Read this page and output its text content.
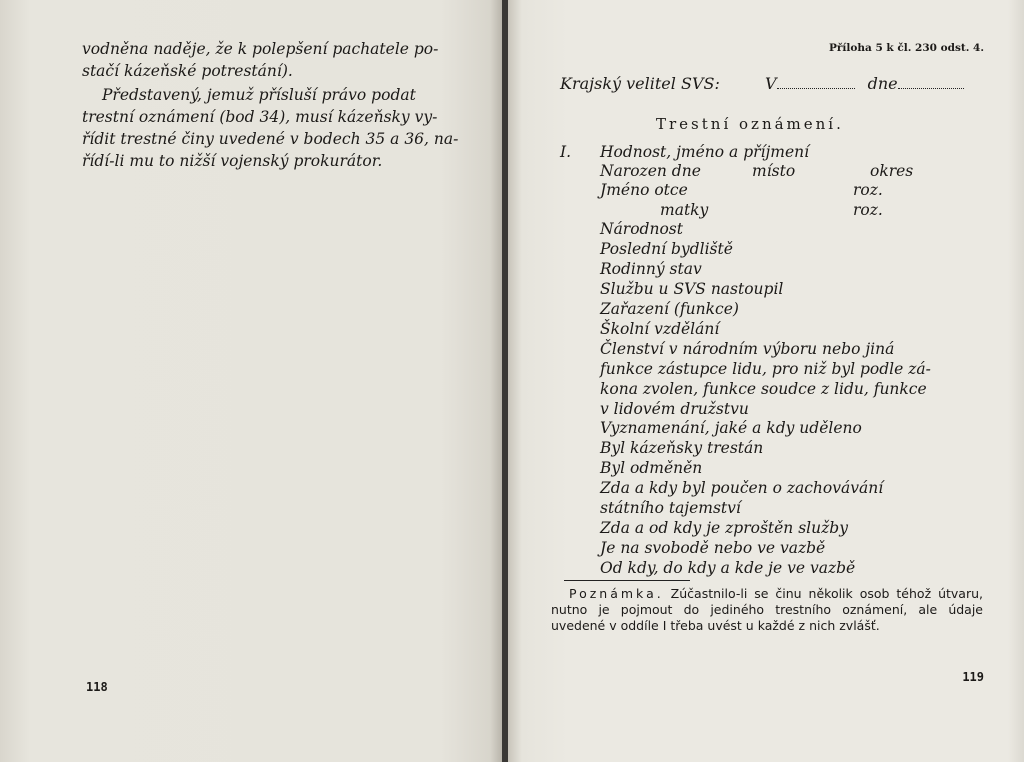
vodněna naděje, že k polepšení pachatele po-
stačí kázeňské potrestání).
Představený, jemuž přísluší právo podat
trestní oznámení (bod 34), musí kázeňsky vy-
řídit trestné činy uvedené v bodech 35 a 36, na-
řídí-li mu to nižší vojenský prokurátor.
118
Příloha 5 k čl. 230 odst. 4.
Krajský velitel SVS:	V	dne
Trestní oznámení.
I. Hodnost, jméno a příjmení
Narozen dne	místo	okres
Jméno otce	roz.
matky	roz.
Národnost
Poslední bydliště
Rodinný stav
Službu u SVS nastoupil
Zařazení (funkce)
Školní vzdělání
Členství v národním výboru nebo jiná
funkce zástupce lidu, pro niž byl podle zá-
kona zvolen, funkce soudce z lidu, funkce
v lidovém družstvu
Vyznamenání, jaké a kdy uděleno
Byl kázeňsky trestán
Byl odměněn
Zda a kdy byl poučen o zachovávání
státního tajemství
Zda a od kdy je zproštěn služby
Je na svobodě nebo ve vazbě
Poznámka. Zúčastnilo-li se činu několik osob téhož útvaru, nutno je pojmout do jediného trestního oznámení, ale údaje uvedené v oddíle I třeba uvést u každé z nich zvlášť.
119
Od kdy, do kdy a kde je ve vazbě
